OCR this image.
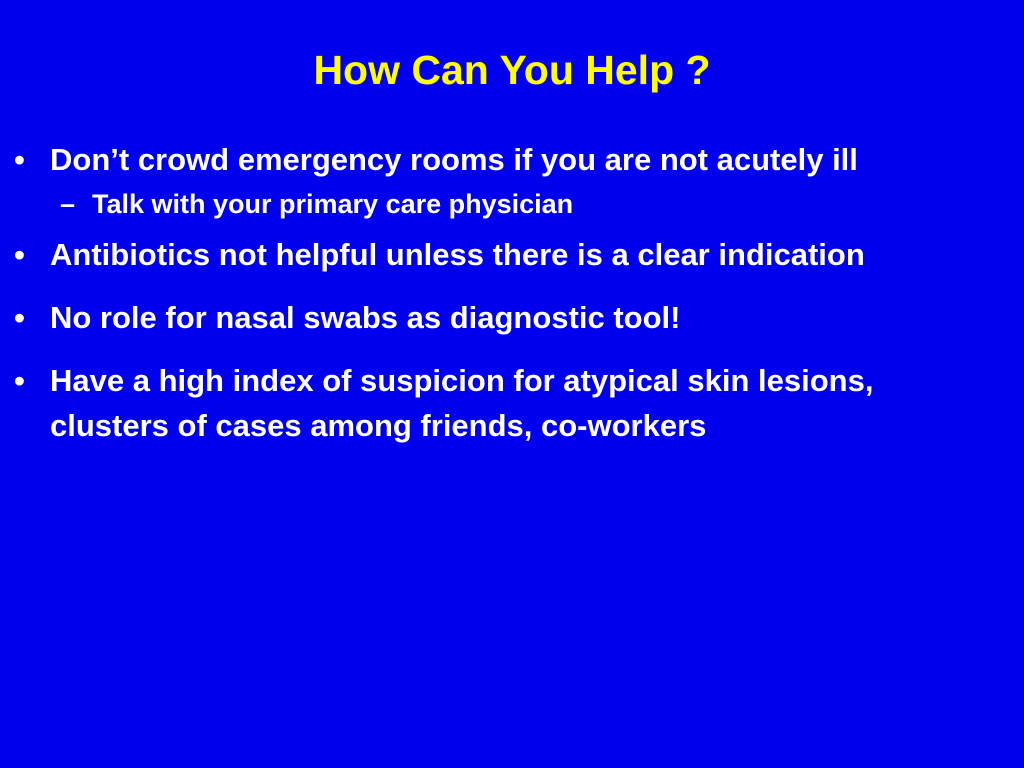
How Can You Help ?
• Don’t crowd emergency rooms if you are not acutely ill
– Talk with your primary care physician
• Antibiotics not helpful unless there is a clear indication
• No role for nasal swabs as diagnostic tool!
• Have a high index of suspicion for atypical skin lesions, clusters of cases among friends, co-workers
